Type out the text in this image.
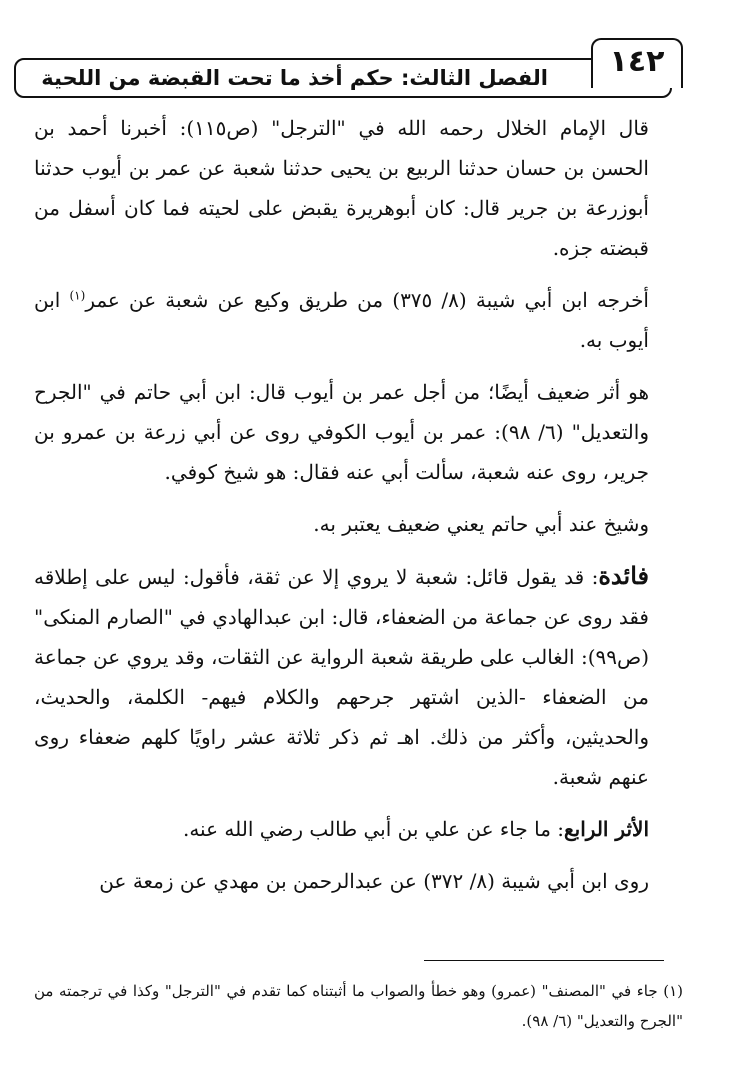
الفصل الثالث: حكم أخذ ما تحت القبضة من اللحية	١٤٢

قال الإمام الخلال رحمه الله في "الترجل" (ص١١٥): أخبرنا أحمد بن الحسن بن حسان حدثنا الربيع بن يحيى حدثنا شعبة عن عمر بن أيوب حدثنا أبوزرعة بن جرير قال: كان أبوهريرة يقبض على لحيته فما كان أسفل من قبضته جزه.

أخرجه ابن أبي شيبة (٨/ ٣٧٥) من طريق وكيع عن شعبة عن عمر$^{(١)}$ ابن أيوب به.

هو أثر ضعيف أيضًا؛ من أجل عمر بن أيوب قال: ابن أبي حاتم في "الجرح والتعديل" (٦/ ٩٨): عمر بن أيوب الكوفي روى عن أبي زرعة بن عمرو بن جرير، روى عنه شعبة، سألت أبي عنه فقال: هو شيخ كوفي.

وشيخ عند أبي حاتم يعني ضعيف يعتبر به.

فائدة: قد يقول قائل: شعبة لا يروي إلا عن ثقة، فأقول: ليس على إطلاقه فقد روى عن جماعة من الضعفاء، قال: ابن عبدالهادي في "الصارم المنكى" (ص٩٩): الغالب على طريقة شعبة الرواية عن الثقات، وقد يروي عن جماعة من الضعفاء -الذين اشتهر جرحهم والكلام فيهم- الكلمة، والحديث، والحديثين، وأكثر من ذلك. اهـ ثم ذكر ثلاثة عشر راويًا كلهم ضعفاء روى عنهم شعبة.

الأثر الرابع: ما جاء عن علي بن أبي طالب رضي الله عنه.

روى ابن أبي شيبة (٨/ ٣٧٢) عن عبدالرحمن بن مهدي عن زمعة عن

(١) جاء في "المصنف" (عمرو) وهو خطأ والصواب ما أثبتناه كما تقدم في "الترجل" وكذا في ترجمته من "الجرح والتعديل" (٦/ ٩٨).
